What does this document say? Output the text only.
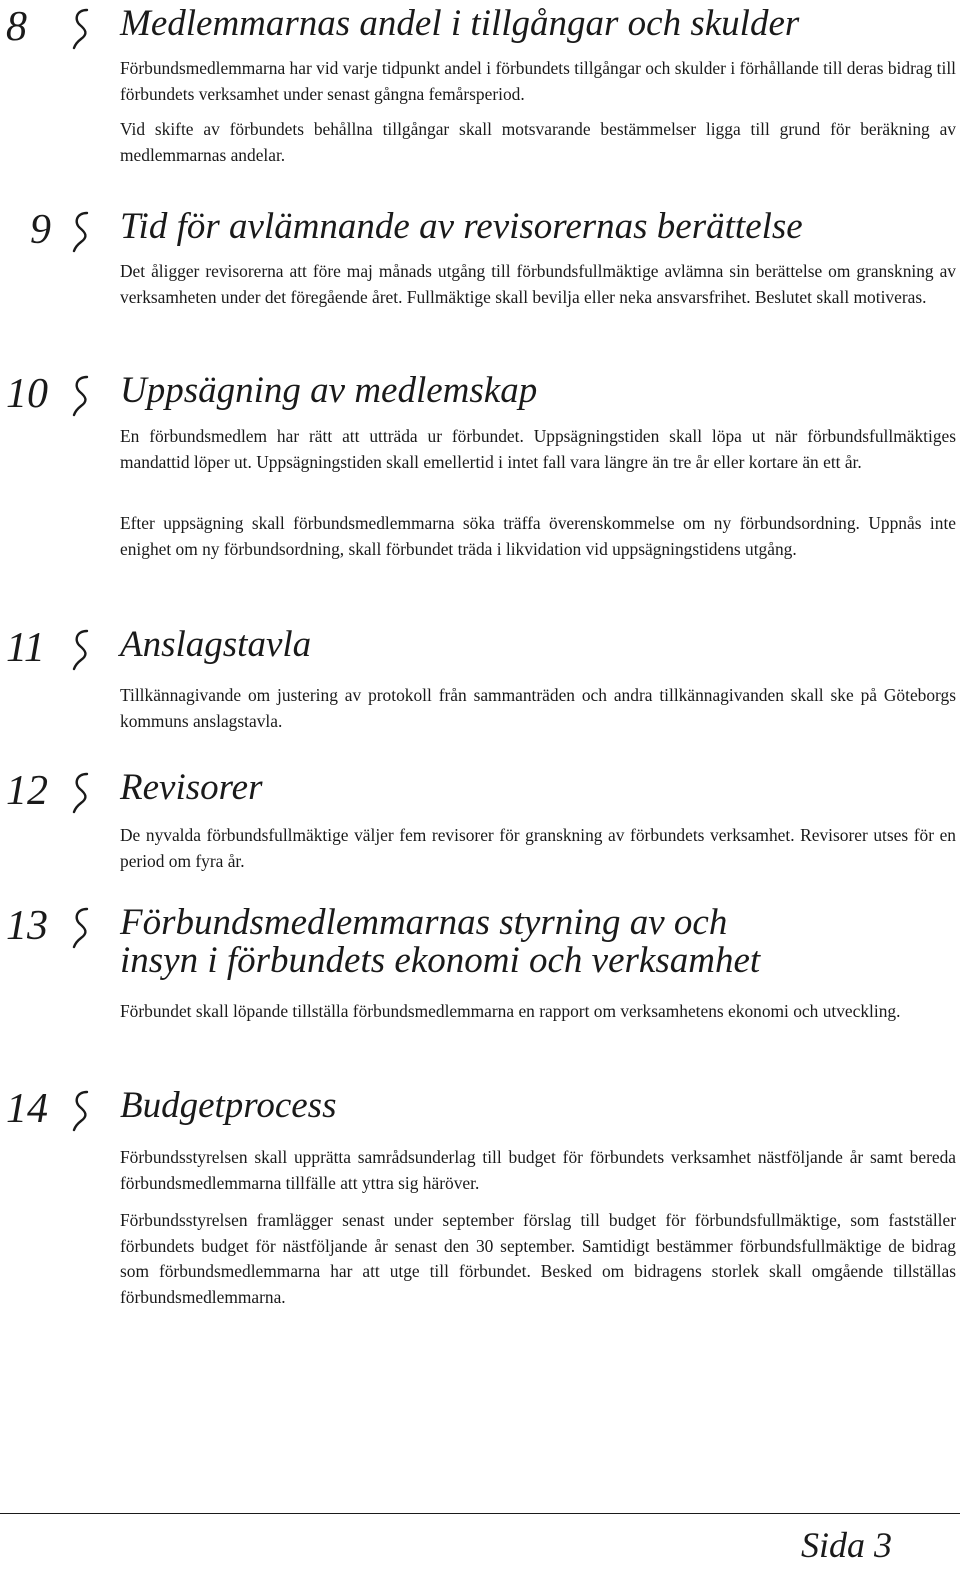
8	Medlemmarnas andel i tillgångar och skulder

Förbundsmedlemmarna har vid varje tidpunkt andel i förbundets tillgångar och skulder i förhållande till deras bidrag till förbundets verksamhet under senast gångna femårsperiod.

Vid skifte av förbundets behållna tillgångar skall motsvarande bestämmelser ligga till grund för beräkning av medlemmarnas andelar.

9	Tid för avlämnande av revisorernas berättelse

Det åligger revisorerna att före maj månads utgång till förbundsfullmäktige avlämna sin berättelse om granskning av verksamheten under det föregående året. Fullmäktige skall bevilja eller neka ansvarsfrihet. Beslutet skall motiveras.

10	Uppsägning av medlemskap

En förbundsmedlem har rätt att utträda ur förbundet. Uppsägningstiden skall löpa ut när förbundsfullmäktiges mandattid löper ut. Uppsägningstiden skall emellertid i intet fall vara längre än tre år eller kortare än ett år.

Efter uppsägning skall förbundsmedlemmarna söka träffa överenskommelse om ny förbundsordning. Uppnås inte enighet om ny förbundsordning, skall förbundet träda i likvidation vid uppsägningstidens utgång.

11	Anslagstavla

Tillkännagivande om justering av protokoll från sammanträden och andra tillkännagivanden skall ske på Göteborgs kommuns anslagstavla.

12	Revisorer

De nyvalda förbundsfullmäktige väljer fem revisorer för granskning av förbundets verksamhet. Revisorer utses för en period om fyra år.

13	Förbundsmedlemmarnas styrning av och
insyn i förbundets ekonomi och verksamhet

Förbundet skall löpande tillställa förbundsmedlemmarna en rapport om verksamhetens ekonomi och utveckling.

14	Budgetprocess

Förbundsstyrelsen skall upprätta samrådsunderlag till budget för förbundets verksamhet nästföljande år samt bereda förbundsmedlemmarna tillfälle att yttra sig häröver.

Förbundsstyrelsen framlägger senast under september förslag till budget för förbundsfullmäktige, som fastställer förbundets budget för nästföljande år senast den 30 september. Samtidigt bestämmer förbundsfullmäktige de bidrag som förbundsmedlemmarna har att utge till förbundet. Besked om bidragens storlek skall omgående tillställas förbundsmedlemmarna.

Sida 3
